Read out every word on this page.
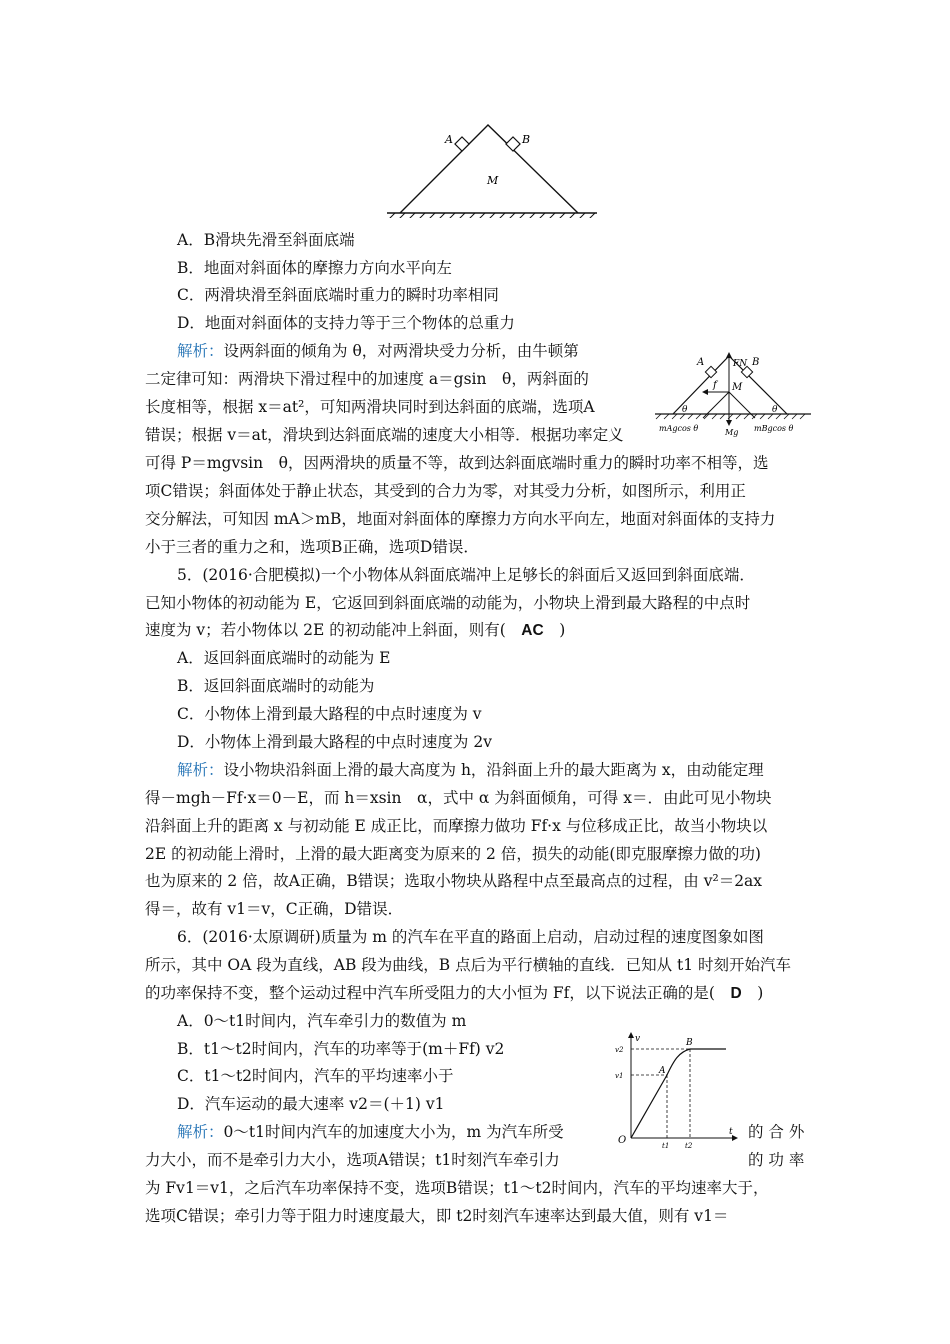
A	B
M
A．B滑块先滑至斜面底端
B．地面对斜面体的摩擦力方向水平向左
C．两滑块滑至斜面底端时重力的瞬时功率相同
D．地面对斜面体的支持力等于三个物体的总重力
解析：设两斜面的倾角为 θ，对两滑块受力分析，由牛顿第
二定律可知：两滑块下滑过程中的加速度 a＝gsin　θ，两斜面的
长度相等，根据 x＝at²，可知两滑块同时到达斜面的底端，选项A
错误；根据 v＝at，滑块到达斜面底端的速度大小相等．根据功率定义
可得 P＝mgvsin　θ，因两滑块的质量不等，故到达斜面底端时重力的瞬时功率不相等，选
项C错误；斜面体处于静止状态，其受到的合力为零，对其受力分析，如图所示，利用正
交分解法，可知因 mA＞mB，地面对斜面体的摩擦力方向水平向左，地面对斜面体的支持力
小于三者的重力之和，选项B正确，选项D错误．
A	B
FN
f M
θ	θ
mAgcos θ	Mg mBgcos θ
5．(2016·合肥模拟)一个小物体从斜面底端冲上足够长的斜面后又返回到斜面底端．
已知小物体的初动能为 E，它返回到斜面底端的动能为，小物块上滑到最大路程的中点时
速度为 v；若小物体以 2E 的初动能冲上斜面，则有(　 AC　 )
A．返回斜面底端时的动能为 E
B．返回斜面底端时的动能为
C．小物体上滑到最大路程的中点时速度为 v
D．小物体上滑到最大路程的中点时速度为 2v
解析：设小物块沿斜面上滑的最大高度为 h，沿斜面上升的最大距离为 x，由动能定理
得－mgh－Ff·x＝0－E，而 h＝xsin　α，式中 α 为斜面倾角，可得 x＝．由此可见小物块
沿斜面上升的距离 x 与初动能 E 成正比，而摩擦力做功 Ff·x 与位移成正比，故当小物块以
2E 的初动能上滑时，上滑的最大距离变为原来的 2 倍，损失的动能(即克服摩擦力做的功)
也为原来的 2 倍，故A正确，B错误；选取小物块从路程中点至最高点的过程，由 v²＝2ax
得＝，故有 v1＝v，C正确，D错误．
6．(2016·太原调研)质量为 m 的汽车在平直的路面上启动，启动过程的速度图象如图
所示，其中 OA 段为直线，AB 段为曲线，B 点后为平行横轴的直线．已知从 t1 时刻开始汽车
的功率保持不变，整个运动过程中汽车所受阻力的大小恒为 Ff，以下说法正确的是(　 D　 )
A．0～t1时间内，汽车牵引力的数值为 m
B．t1～t2时间内，汽车的功率等于(m＋Ff) v2
C．t1～t2时间内，汽车的平均速率小于
D．汽车运动的最大速率 v2＝(＋1) v1
解析：0～t1时间内汽车的加速度大小为，m 为汽车所受	的 合 外
力大小，而不是牵引力大小，选项A错误；t1时刻汽车牵引力	的 功 率
为 Fv1＝v1，之后汽车功率保持不变，选项B错误；t1～t2时间内，汽车的平均速率大于，
选项C错误；牵引力等于阻力时速度最大，即 t2时刻汽车速率达到最大值，则有 v1＝
v
t
O
v1
v2
t1 t2
A
B
